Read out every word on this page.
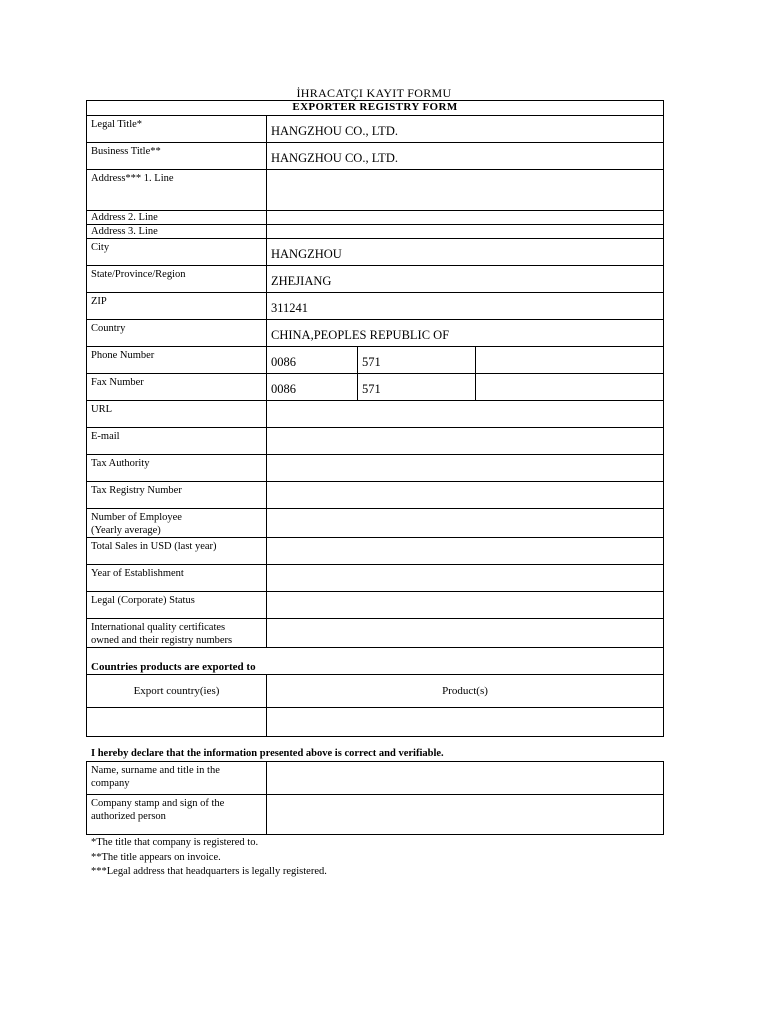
İHRACATÇI KAYIT FORMU
EXPORTER REGISTRY FORM			
Legal Title*	HANGZHOU CO., LTD.		
Business Title**	HANGZHOU CO., LTD.		
Address*** 1. Line			
Address 2. Line			
Address 3. Line			
City	HANGZHOU		
State/Province/Region	ZHEJIANG		
ZIP	311241		
Country	CHINA,PEOPLES REPUBLIC OF		
Phone Number	0086	571	
Fax Number	0086	571	
URL			
E-mail			
Tax Authority			
Tax Registry Number			

Number of Employee
(Yearly average)			

Total Sales in USD (last year)			
Year of Establishment			
Legal (Corporate) Status			

International quality certificates
owned and their registry numbers			

Countries products are exported to			
Export country(ies)	Product(s)		

I hereby declare that the information presented above is correct and verifiable.
Name, surname and title in the
company	

Company stamp and sign of the
authorized person	

*The title that company is registered to.
**The title appears on invoice.
***Legal address that headquarters is legally registered.
